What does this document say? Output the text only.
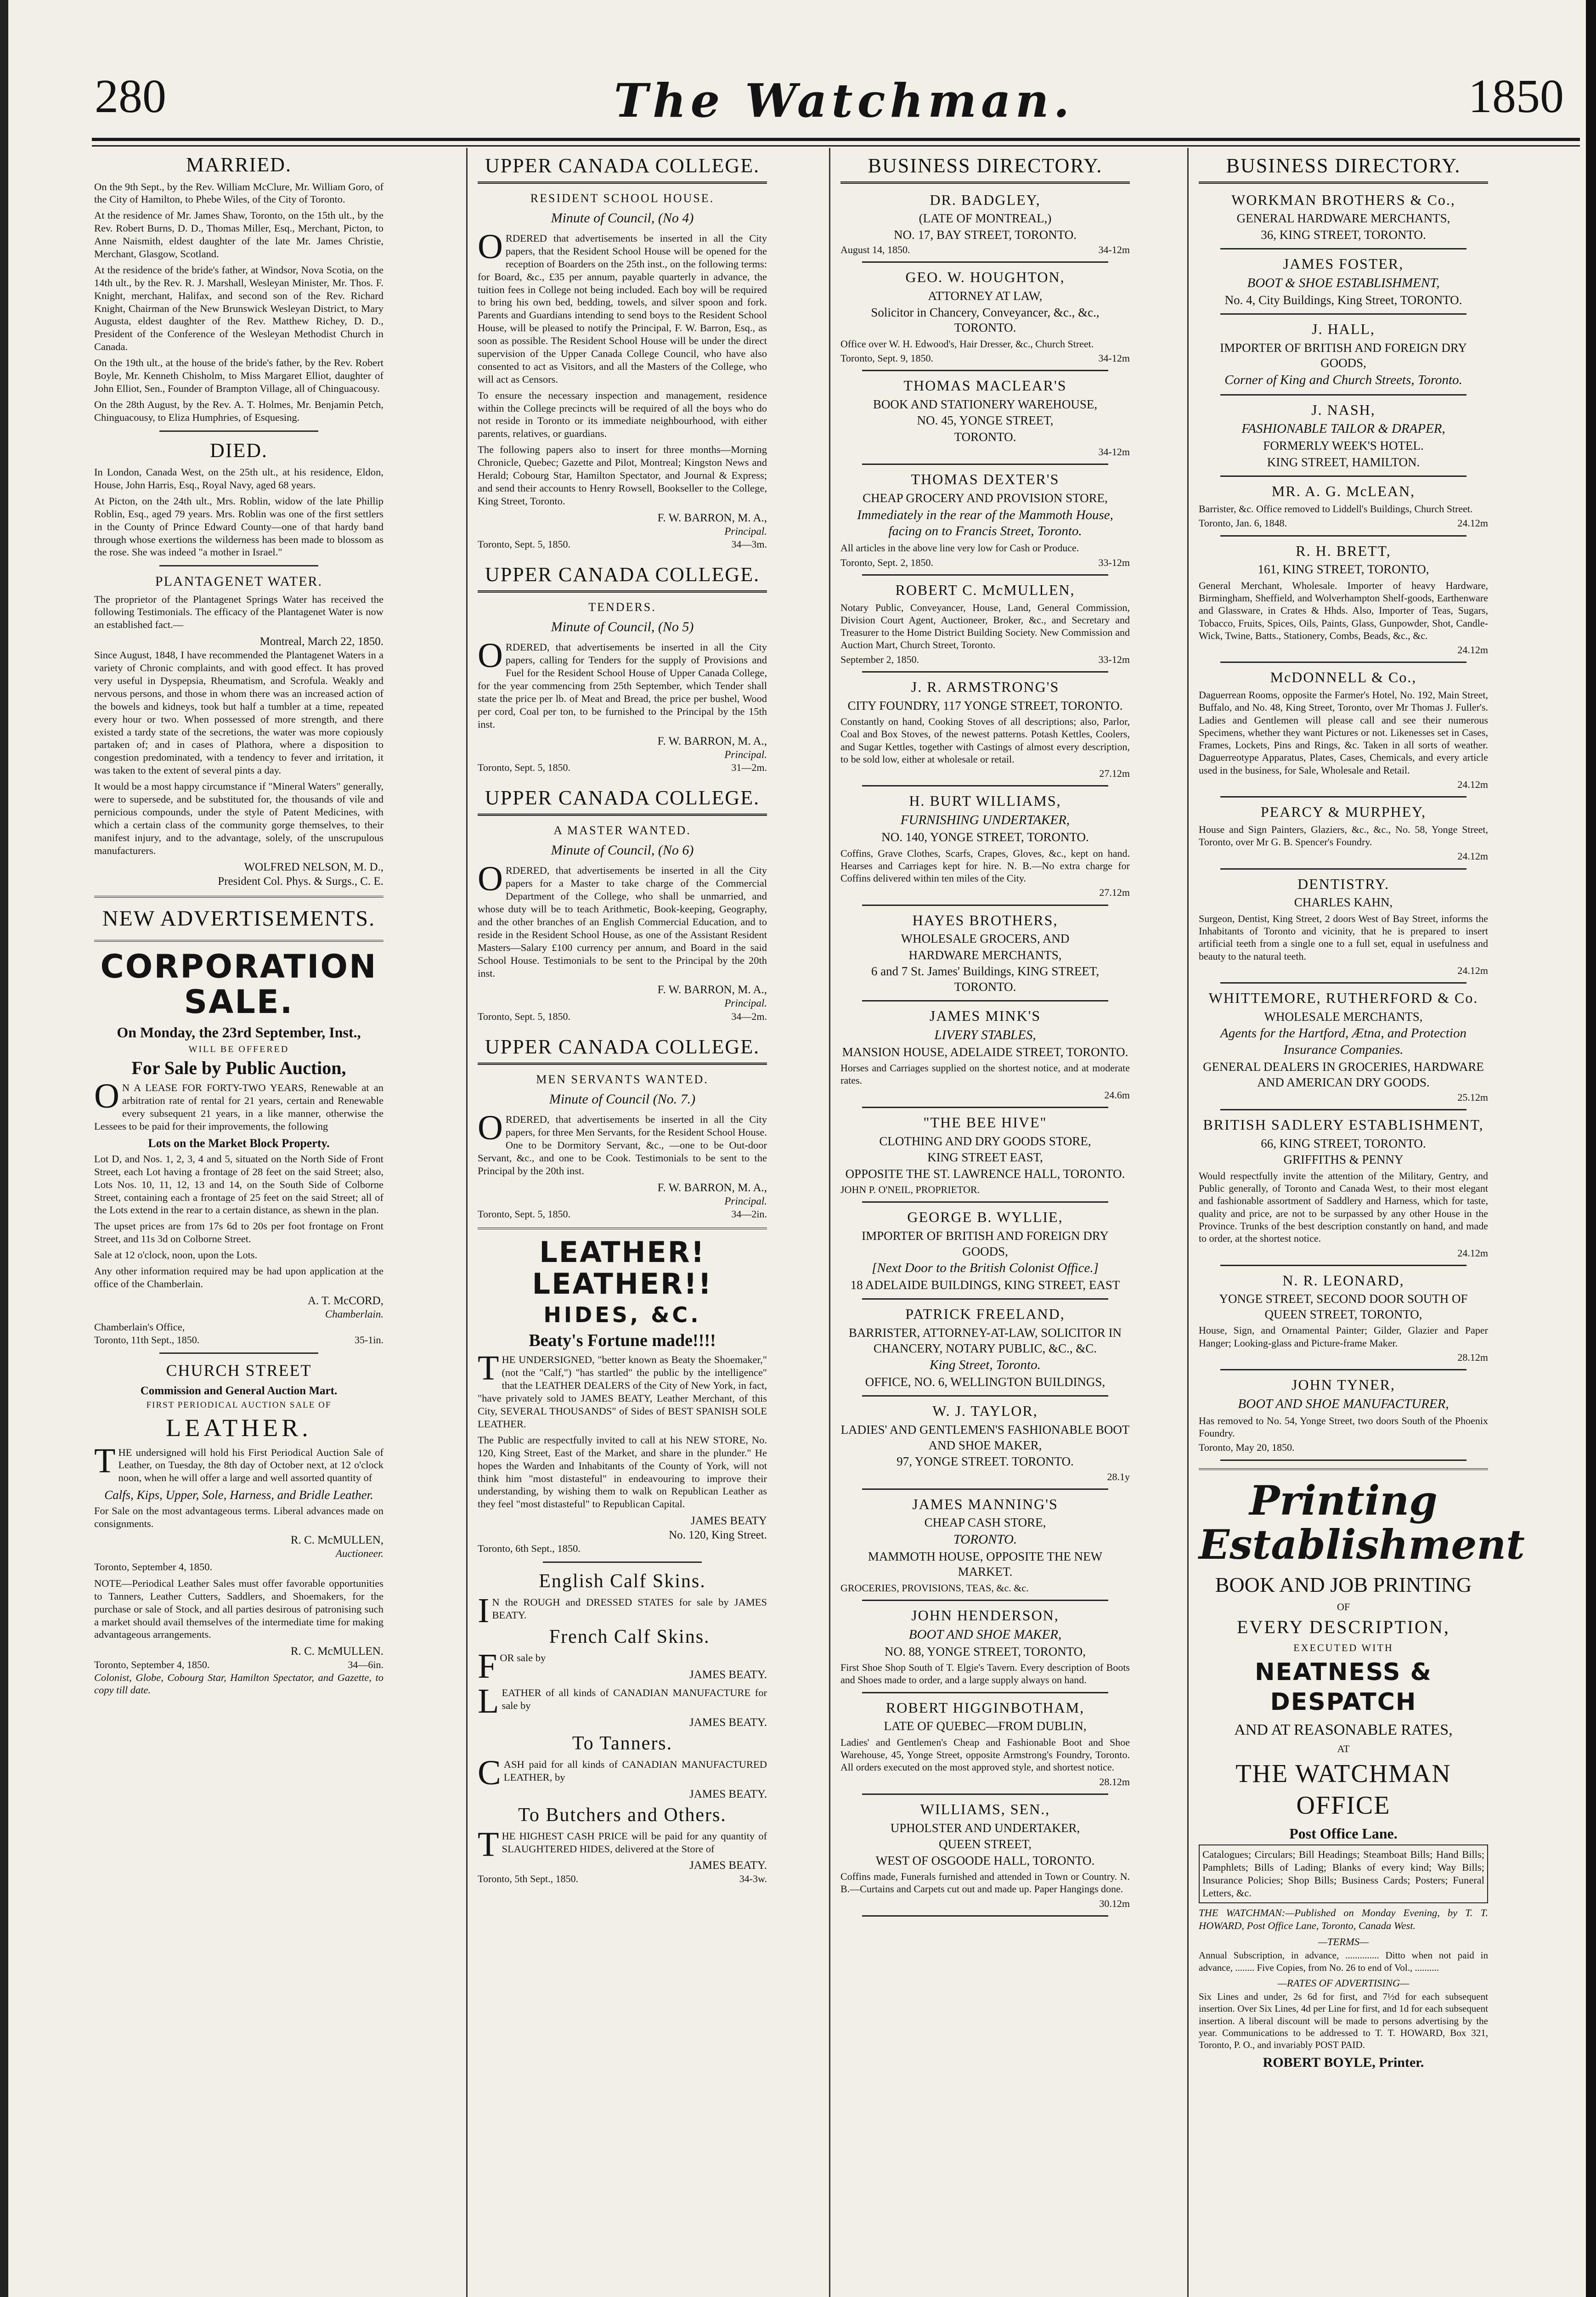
280	The Watchman.	1850
MARRIED.

On the 9th Sept., by the Rev. William McClure, Mr. William Goro, of the City of Hamilton, to Phebe Wiles, of the City of Toronto.

At the residence of Mr. James Shaw, Toronto, on the 15th ult., by the Rev. Robert Burns, D. D., Thomas Miller, Esq., Merchant, Picton, to Anne Naismith, eldest daughter of the late Mr. James Christie, Merchant, Glasgow, Scotland.

At the residence of the bride's father, at Windsor, Nova Scotia, on the 14th ult., by the Rev. R. J. Marshall, Wesleyan Minister, Mr. Thos. F. Knight, merchant, Halifax, and second son of the Rev. Richard Knight, Chairman of the New Brunswick Wesleyan District, to Mary Augusta, eldest daughter of the Rev. Matthew Richey, D. D., President of the Conference of the Wesleyan Methodist Church in Canada.

On the 19th ult., at the house of the bride's father, by the Rev. Robert Boyle, Mr. Kenneth Chisholm, to Miss Margaret Elliot, daughter of John Elliot, Sen., Founder of Brampton Village, all of Chinguacousy.

On the 28th August, by the Rev. A. T. Holmes, Mr. Benjamin Petch, Chinguacousy, to Eliza Humphries, of Esquesing.

DIED.

In London, Canada West, on the 25th ult., at his residence, Eldon, House, John Harris, Esq., Royal Navy, aged 68 years.

At Picton, on the 24th ult., Mrs. Roblin, widow of the late Phillip Roblin, Esq., aged 79 years. Mrs. Roblin was one of the first settlers in the County of Prince Edward County—one of that hardy band through whose exertions the wilderness has been made to blossom as the rose. She was indeed "a mother in Israel."

PLANTAGENET WATER.

The proprietor of the Plantagenet Springs Water has received the following Testimonials. The efficacy of the Plantagenet Water is now an established fact.—

Montreal, March 22, 1850.

Since August, 1848, I have recommended the Plantagenet Waters in a variety of Chronic complaints, and with good effect. It has proved very useful in Dyspepsia, Rheumatism, and Scrofula. Weakly and nervous persons, and those in whom there was an increased action of the bowels and kidneys, took but half a tumbler at a time, repeated every hour or two. When possessed of more strength, and there existed a tardy state of the secretions, the water was more copiously partaken of; and in cases of Plathora, where a disposition to congestion predominated, with a tendency to fever and irritation, it was taken to the extent of several pints a day.

It would be a most happy circumstance if "Mineral Waters" generally, were to supersede, and be substituted for, the thousands of vile and pernicious compounds, under the style of Patent Medicines, with which a certain class of the community gorge themselves, to their manifest injury, and to the advantage, solely, of the unscrupulous manufacturers.

WOLFRED NELSON, M. D.,
President Col. Phys. & Surgs., C. E.
NEW ADVERTISEMENTS.
CORPORATION SALE.
On Monday, the 23rd September, Inst.,
WILL BE OFFERED
For Sale by Public Auction,

ON A LEASE FOR FORTY-TWO YEARS, Renewable at an arbitration rate of rental for 21 years, certain and Renewable every subsequent 21 years, in a like manner, otherwise the Lessees to be paid for their improvements, the following

Lots on the Market Block Property.

Lot D, and Nos. 1, 2, 3, 4 and 5, situated on the North Side of Front Street, each Lot having a frontage of 28 feet on the said Street; also, Lots Nos. 10, 11, 12, 13 and 14, on the South Side of Colborne Street, containing each a frontage of 25 feet on the said Street; all of the Lots extend in the rear to a certain distance, as shewn in the plan.

The upset prices are from 17s 6d to 20s per foot frontage on Front Street, and 11s 3d on Colborne Street.

Sale at 12 o'clock, noon, upon the Lots.

Any other information required may be had upon application at the office of the Chamberlain.

A. T. McCORD,
Chamberlain.
Chamberlain's Office,
Toronto, 11th Sept., 1850.	35-1in.
CHURCH STREET
Commission and General Auction Mart.
FIRST PERIODICAL AUCTION SALE OF
LEATHER.

THE undersigned will hold his First Periodical Auction Sale of Leather, on Tuesday, the 8th day of October next, at 12 o'clock noon, when he will offer a large and well assorted quantity of

Calfs, Kips, Upper, Sole, Harness, and Bridle Leather.

For Sale on the most advantageous terms. Liberal advances made on consignments.

R. C. McMULLEN,
Auctioneer.
Toronto, September 4, 1850.

NOTE—Periodical Leather Sales must offer favorable opportunities to Tanners, Leather Cutters, Saddlers, and Shoemakers, for the purchase or sale of Stock, and all parties desirous of patronising such a market should avail themselves of the intermediate time for making advantageous arrangements.

R. C. McMULLEN.
Toronto, September 4, 1850.	34—6in.

Colonist, Globe, Cobourg Star, Hamilton Spectator, and Gazette, to copy till date.

UPPER CANADA COLLEGE.
RESIDENT SCHOOL HOUSE.
Minute of Council, (No 4)

ORDERED that advertisements be inserted in all the City papers, that the Resident School House will be opened for the reception of Boarders on the 25th inst., on the following terms: for Board, &c., £35 per annum, payable quarterly in advance, the tuition fees in College not being included. Each boy will be required to bring his own bed, bedding, towels, and silver spoon and fork. Parents and Guardians intending to send boys to the Resident School House, will be pleased to notify the Principal, F. W. Barron, Esq., as soon as possible. The Resident School House will be under the direct supervision of the Upper Canada College Council, who have also consented to act as Visitors, and all the Masters of the College, who will act as Censors.

To ensure the necessary inspection and management, residence within the College precincts will be required of all the boys who do not reside in Toronto or its immediate neighbourhood, with either parents, relatives, or guardians.

The following papers also to insert for three months—Morning Chronicle, Quebec; Gazette and Pilot, Montreal; Kingston News and Herald; Cobourg Star, Hamilton Spectator, and Journal & Express; and send their accounts to Henry Rowsell, Bookseller to the College, King Street, Toronto.

F. W. BARRON, M. A.,
Principal.
Toronto, Sept. 5, 1850.	34—3m.
UPPER CANADA COLLEGE.
TENDERS.
Minute of Council, (No 5)

ORDERED, that advertisements be inserted in all the City papers, calling for Tenders for the supply of Provisions and Fuel for the Resident School House of Upper Canada College, for the year commencing from 25th September, which Tender shall state the price per lb. of Meat and Bread, the price per bushel, Wood per cord, Coal per ton, to be furnished to the Principal by the 15th inst.

F. W. BARRON, M. A.,
Principal.
Toronto, Sept. 5, 1850.	31—2m.
UPPER CANADA COLLEGE.
A MASTER WANTED.
Minute of Council, (No 6)

ORDERED, that advertisements be inserted in all the City papers for a Master to take charge of the Commercial Department of the College, who shall be unmarried, and whose duty will be to teach Arithmetic, Book-keeping, Geography, and the other branches of an English Commercial Education, and to reside in the Resident School House, as one of the Assistant Resident Masters—Salary £100 currency per annum, and Board in the said School House. Testimonials to be sent to the Principal by the 20th inst.

F. W. BARRON, M. A.,
Principal.
Toronto, Sept. 5, 1850.	34—2m.
UPPER CANADA COLLEGE.
MEN SERVANTS WANTED.
Minute of Council (No. 7.)

ORDERED, that advertisements be inserted in all the City papers, for three Men Servants, for the Resident School House. One to be Dormitory Servant, &c., —one to be Out-door Servant, &c., and one to be Cook. Testimonials to be sent to the Principal by the 20th inst.

F. W. BARRON, M. A.,
Principal.
Toronto, Sept. 5, 1850.	34—2in.
LEATHER! LEATHER!!
HIDES, &C.
Beaty's Fortune made!!!!

THE UNDERSIGNED, "better known as Beaty the Shoemaker," (not the "Calf,") "has startled" the public by the intelligence" that the LEATHER DEALERS of the City of New York, in fact, "have privately sold to JAMES BEATY, Leather Merchant, of this City, SEVERAL THOUSANDS" of Sides of BEST SPANISH SOLE LEATHER.

The Public are respectfully invited to call at his NEW STORE, No. 120, King Street, East of the Market, and share in the plunder." He hopes the Warden and Inhabitants of the County of York, will not think him "most distasteful" in endeavouring to improve their understanding, by wishing them to walk on Republican Leather as they feel "most distasteful" to Republican Capital.

JAMES BEATY
No. 120, King Street.
Toronto, 6th Sept., 1850.
English Calf Skins.

IN the ROUGH and DRESSED STATES for sale by JAMES BEATY.

French Calf Skins.

FOR sale by

JAMES BEATY.

LEATHER of all kinds of CANADIAN MANUFACTURE for sale by

JAMES BEATY.
To Tanners.

CASH paid for all kinds of CANADIAN MANUFACTURED LEATHER, by

JAMES BEATY.
To Butchers and Others.

THE HIGHEST CASH PRICE will be paid for any quantity of SLAUGHTERED HIDES, delivered at the Store of

JAMES BEATY.
Toronto, 5th Sept., 1850.	34-3w.
BUSINESS DIRECTORY.
DR. BADGLEY,
(LATE OF MONTREAL,)
NO. 17, BAY STREET, TORONTO.
August 14, 1850.	34-12m
GEO. W. HOUGHTON,
ATTORNEY AT LAW,
Solicitor in Chancery, Conveyancer, &c., &c., TORONTO.
Office over W. H. Edwood's, Hair Dresser, &c., Church Street.
Toronto, Sept. 9, 1850.	34-12m
THOMAS MACLEAR'S
BOOK AND STATIONERY WAREHOUSE,
NO. 45, YONGE STREET,
TORONTO.
34-12m
THOMAS DEXTER'S
CHEAP GROCERY AND PROVISION STORE,
Immediately in the rear of the Mammoth House, facing on to Francis Street, Toronto.
All articles in the above line very low for Cash or Produce.
Toronto, Sept. 2, 1850.	33-12m
ROBERT C. McMULLEN,
Notary Public, Conveyancer, House, Land, General Commission, Division Court Agent, Auctioneer, Broker, &c., and Secretary and Treasurer to the Home District Building Society. New Commission and Auction Mart, Church Street, Toronto.
September 2, 1850.	33-12m
J. R. ARMSTRONG'S
CITY FOUNDRY, 117 YONGE STREET, TORONTO.
Constantly on hand, Cooking Stoves of all descriptions; also, Parlor, Coal and Box Stoves, of the newest patterns. Potash Kettles, Coolers, and Sugar Kettles, together with Castings of almost every description, to be sold low, either at wholesale or retail.
27.12m
H. BURT WILLIAMS,
FURNISHING UNDERTAKER,
NO. 140, YONGE STREET, TORONTO.
Coffins, Grave Clothes, Scarfs, Crapes, Gloves, &c., kept on hand. Hearses and Carriages kept for hire. N. B.—No extra charge for Coffins delivered within ten miles of the City.
27.12m
HAYES BROTHERS,
WHOLESALE GROCERS, AND
HARDWARE MERCHANTS,
6 and 7 St. James' Buildings, KING STREET, TORONTO.
JAMES MINK'S
LIVERY STABLES,
MANSION HOUSE, ADELAIDE STREET, TORONTO.
Horses and Carriages supplied on the shortest notice, and at moderate rates.
24.6m
"THE BEE HIVE"
CLOTHING AND DRY GOODS STORE,
KING STREET EAST,
OPPOSITE THE ST. LAWRENCE HALL, TORONTO.
JOHN P. O'NEIL, PROPRIETOR.
GEORGE B. WYLLIE,
IMPORTER OF BRITISH AND FOREIGN DRY GOODS,
[Next Door to the British Colonist Office.]
18 ADELAIDE BUILDINGS, KING STREET, EAST
PATRICK FREELAND,
BARRISTER, ATTORNEY-AT-LAW, SOLICITOR IN CHANCERY, NOTARY PUBLIC, &C., &C.
King Street, Toronto.
OFFICE, NO. 6, WELLINGTON BUILDINGS,
W. J. TAYLOR,
LADIES' AND GENTLEMEN'S FASHIONABLE BOOT AND SHOE MAKER,
97, YONGE STREET. TORONTO.
28.1y
JAMES MANNING'S
CHEAP CASH STORE,
TORONTO.
MAMMOTH HOUSE, OPPOSITE THE NEW MARKET.
GROCERIES, PROVISIONS, TEAS, &c. &c.
JOHN HENDERSON,
BOOT AND SHOE MAKER,
NO. 88, YONGE STREET, TORONTO,
First Shoe Shop South of T. Elgie's Tavern. Every description of Boots and Shoes made to order, and a large supply always on hand.
ROBERT HIGGINBOTHAM,
LATE OF QUEBEC—FROM DUBLIN,
Ladies' and Gentlemen's Cheap and Fashionable Boot and Shoe Warehouse, 45, Yonge Street, opposite Armstrong's Foundry, Toronto. All orders executed on the most approved style, and shortest notice.
28.12m
WILLIAMS, SEN.,
UPHOLSTER AND UNDERTAKER,
QUEEN STREET,
WEST OF OSGOODE HALL, TORONTO.
Coffins made, Funerals furnished and attended in Town or Country. N. B.—Curtains and Carpets cut out and made up. Paper Hangings done.
30.12m
BUSINESS DIRECTORY.
WORKMAN BROTHERS & Co.,
GENERAL HARDWARE MERCHANTS,
36, KING STREET, TORONTO.
JAMES FOSTER,
BOOT & SHOE ESTABLISHMENT,
No. 4, City Buildings, King Street, TORONTO.
J. HALL,
IMPORTER OF BRITISH AND FOREIGN DRY GOODS,
Corner of King and Church Streets, Toronto.
J. NASH,
FASHIONABLE TAILOR & DRAPER,
FORMERLY WEEK'S HOTEL.
KING STREET, HAMILTON.
MR. A. G. McLEAN,
Barrister, &c. Office removed to Liddell's Buildings, Church Street.
Toronto, Jan. 6, 1848.	24.12m
R. H. BRETT,
161, KING STREET, TORONTO,
General Merchant, Wholesale. Importer of heavy Hardware, Birmingham, Sheffield, and Wolverhampton Shelf-goods, Earthenware and Glassware, in Crates & Hhds. Also, Importer of Teas, Sugars, Tobacco, Fruits, Spices, Oils, Paints, Glass, Gunpowder, Shot, Candle-Wick, Twine, Batts., Stationery, Combs, Beads, &c., &c.
24.12m
McDONNELL & Co.,
Daguerrean Rooms, opposite the Farmer's Hotel, No. 192, Main Street, Buffalo, and No. 48, King Street, Toronto, over Mr Thomas J. Fuller's. Ladies and Gentlemen will please call and see their numerous Specimens, whether they want Pictures or not. Likenesses set in Cases, Frames, Lockets, Pins and Rings, &c. Taken in all sorts of weather. Daguerreotype Apparatus, Plates, Cases, Chemicals, and every article used in the business, for Sale, Wholesale and Retail.
24.12m
PEARCY & MURPHEY,
House and Sign Painters, Glaziers, &c., &c., No. 58, Yonge Street, Toronto, over Mr G. B. Spencer's Foundry.
24.12m
DENTISTRY.
CHARLES KAHN,
Surgeon, Dentist, King Street, 2 doors West of Bay Street, informs the Inhabitants of Toronto and vicinity, that he is prepared to insert artificial teeth from a single one to a full set, equal in usefulness and beauty to the natural teeth.
24.12m
WHITTEMORE, RUTHERFORD & Co.
WHOLESALE MERCHANTS,
Agents for the Hartford, Ætna, and Protection Insurance Companies.
GENERAL DEALERS IN GROCERIES, HARDWARE AND AMERICAN DRY GOODS.
25.12m
BRITISH SADLERY ESTABLISHMENT,
66, KING STREET, TORONTO.
GRIFFITHS & PENNY
Would respectfully invite the attention of the Military, Gentry, and Public generally, of Toronto and Canada West, to their most elegant and fashionable assortment of Saddlery and Harness, which for taste, quality and price, are not to be surpassed by any other House in the Province. Trunks of the best description constantly on hand, and made to order, at the shortest notice.
24.12m
N. R. LEONARD,
YONGE STREET, SECOND DOOR SOUTH OF QUEEN STREET, TORONTO,
House, Sign, and Ornamental Painter; Gilder, Glazier and Paper Hanger; Looking-glass and Picture-frame Maker.
28.12m
JOHN TYNER,
BOOT AND SHOE MANUFACTURER,
Has removed to No. 54, Yonge Street, two doors South of the Phoenix Foundry.
Toronto, May 20, 1850.
Printing Establishment
BOOK AND JOB PRINTING
OF
EVERY DESCRIPTION,
EXECUTED WITH
NEATNESS & DESPATCH
AND AT REASONABLE RATES,
AT
THE WATCHMAN OFFICE
Post Office Lane.

Catalogues; Circulars; Bill Headings; Steamboat Bills; Hand Bills; Pamphlets; Bills of Lading; Blanks of every kind; Way Bills; Insurance Policies; Shop Bills; Business Cards; Posters; Funeral Letters, &c.

THE WATCHMAN:—Published on Monday Evening, by T. T. HOWARD, Post Office Lane, Toronto, Canada West.

—TERMS—

Annual Subscription, in advance, .............. Ditto when not paid in advance, ........ Five Copies, from No. 26 to end of Vol., ..........

—RATES OF ADVERTISING—

Six Lines and under, 2s 6d for first, and 7½d for each subsequent insertion. Over Six Lines, 4d per Line for first, and 1d for each subsequent insertion. A liberal discount will be made to persons advertising by the year. Communications to be addressed to T. T. HOWARD, Box 321, Toronto, P. O., and invariably POST PAID.

ROBERT BOYLE, Printer.
